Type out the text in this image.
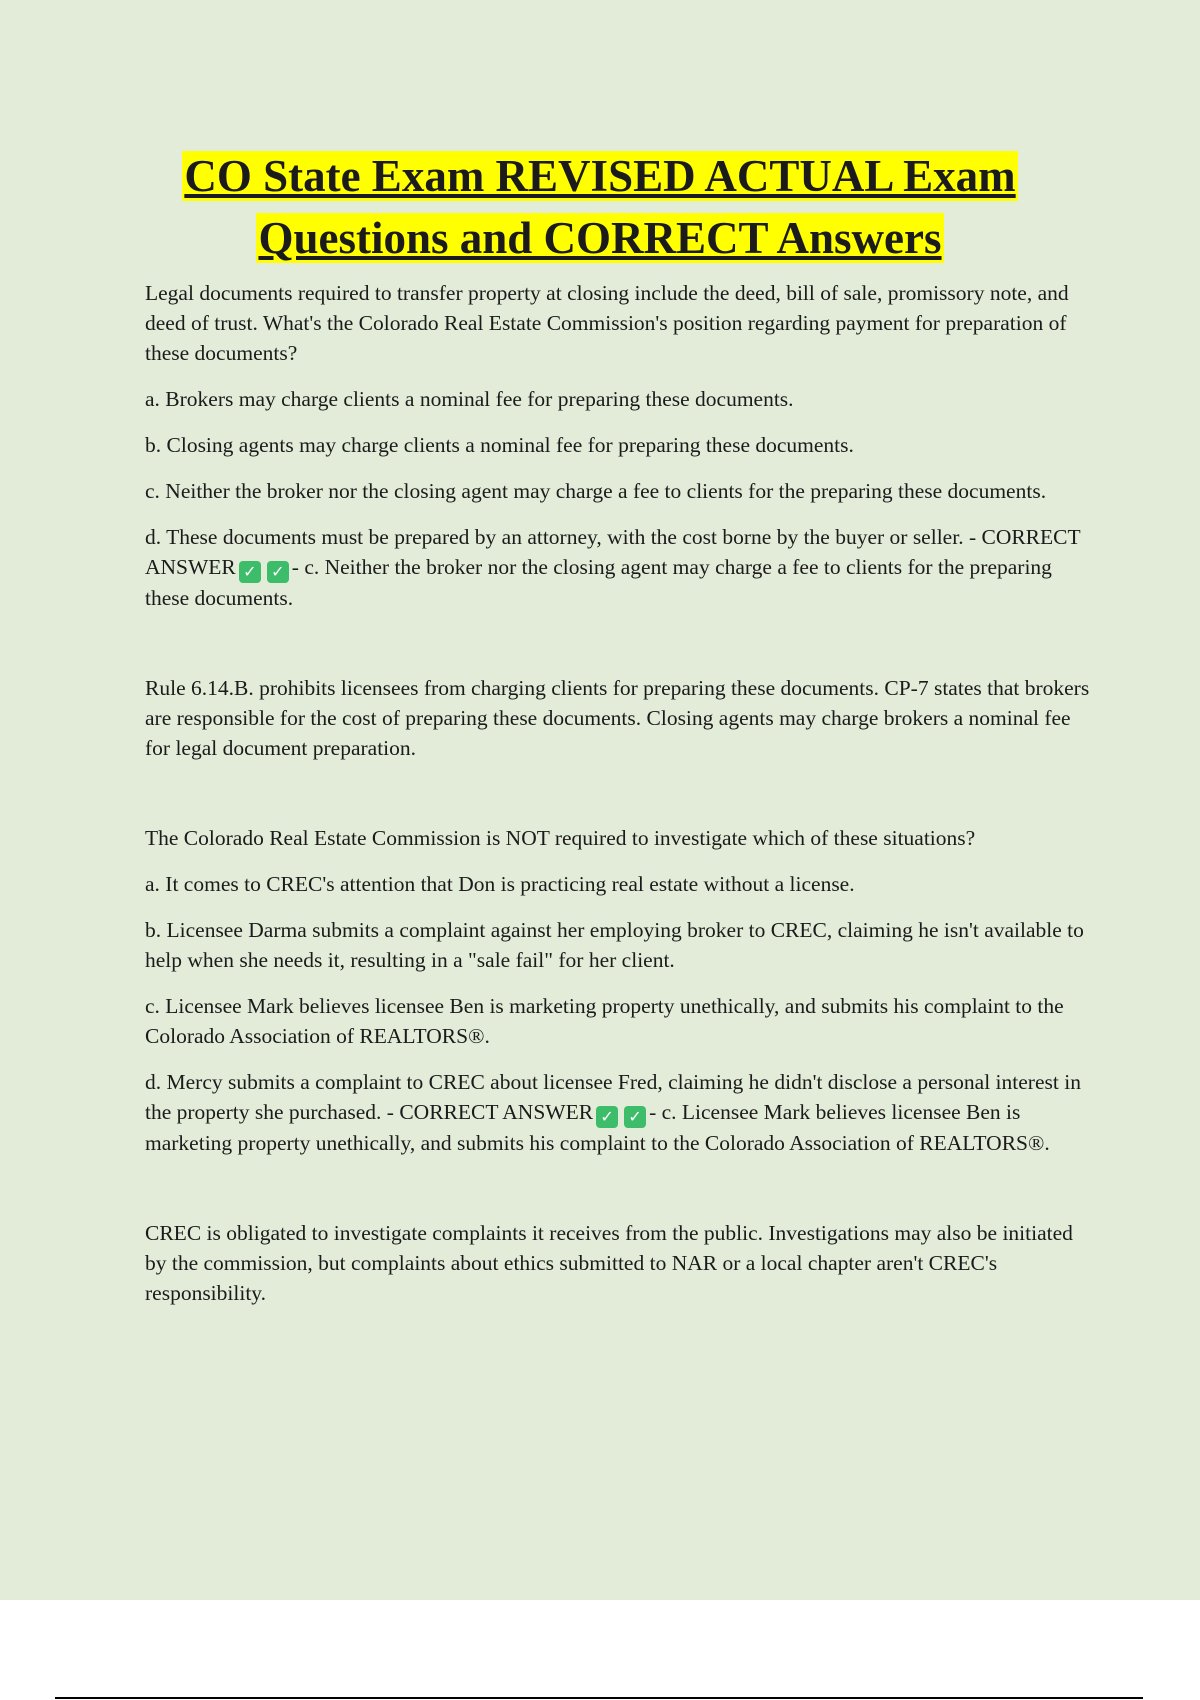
CO State Exam REVISED ACTUAL Exam
Questions and CORRECT Answers

Legal documents required to transfer property at closing include the deed, bill of sale, promissory note, and deed of trust. What's the Colorado Real Estate Commission's position regarding payment for preparation of these documents?

a. Brokers may charge clients a nominal fee for preparing these documents.

b. Closing agents may charge clients a nominal fee for preparing these documents.

c. Neither the broker nor the closing agent may charge a fee to clients for the preparing these documents.

d. These documents must be prepared by an attorney, with the cost borne by the buyer or seller. - CORRECT ANSWER ✓ ✓ - c. Neither the broker nor the closing agent may charge a fee to clients for the preparing these documents.

Rule 6.14.B. prohibits licensees from charging clients for preparing these documents. CP-7 states that brokers are responsible for the cost of preparing these documents. Closing agents may charge brokers a nominal fee for legal document preparation.

The Colorado Real Estate Commission is NOT required to investigate which of these situations?

a. It comes to CREC's attention that Don is practicing real estate without a license.

b. Licensee Darma submits a complaint against her employing broker to CREC, claiming he isn't available to help when she needs it, resulting in a "sale fail" for her client.

c. Licensee Mark believes licensee Ben is marketing property unethically, and submits his complaint to the Colorado Association of REALTORS®.

d. Mercy submits a complaint to CREC about licensee Fred, claiming he didn't disclose a personal interest in the property she purchased. - CORRECT ANSWER ✓ ✓ - c. Licensee Mark believes licensee Ben is marketing property unethically, and submits his complaint to the Colorado Association of REALTORS®.

CREC is obligated to investigate complaints it receives from the public. Investigations may also be initiated by the commission, but complaints about ethics submitted to NAR or a local chapter aren't CREC's responsibility.
